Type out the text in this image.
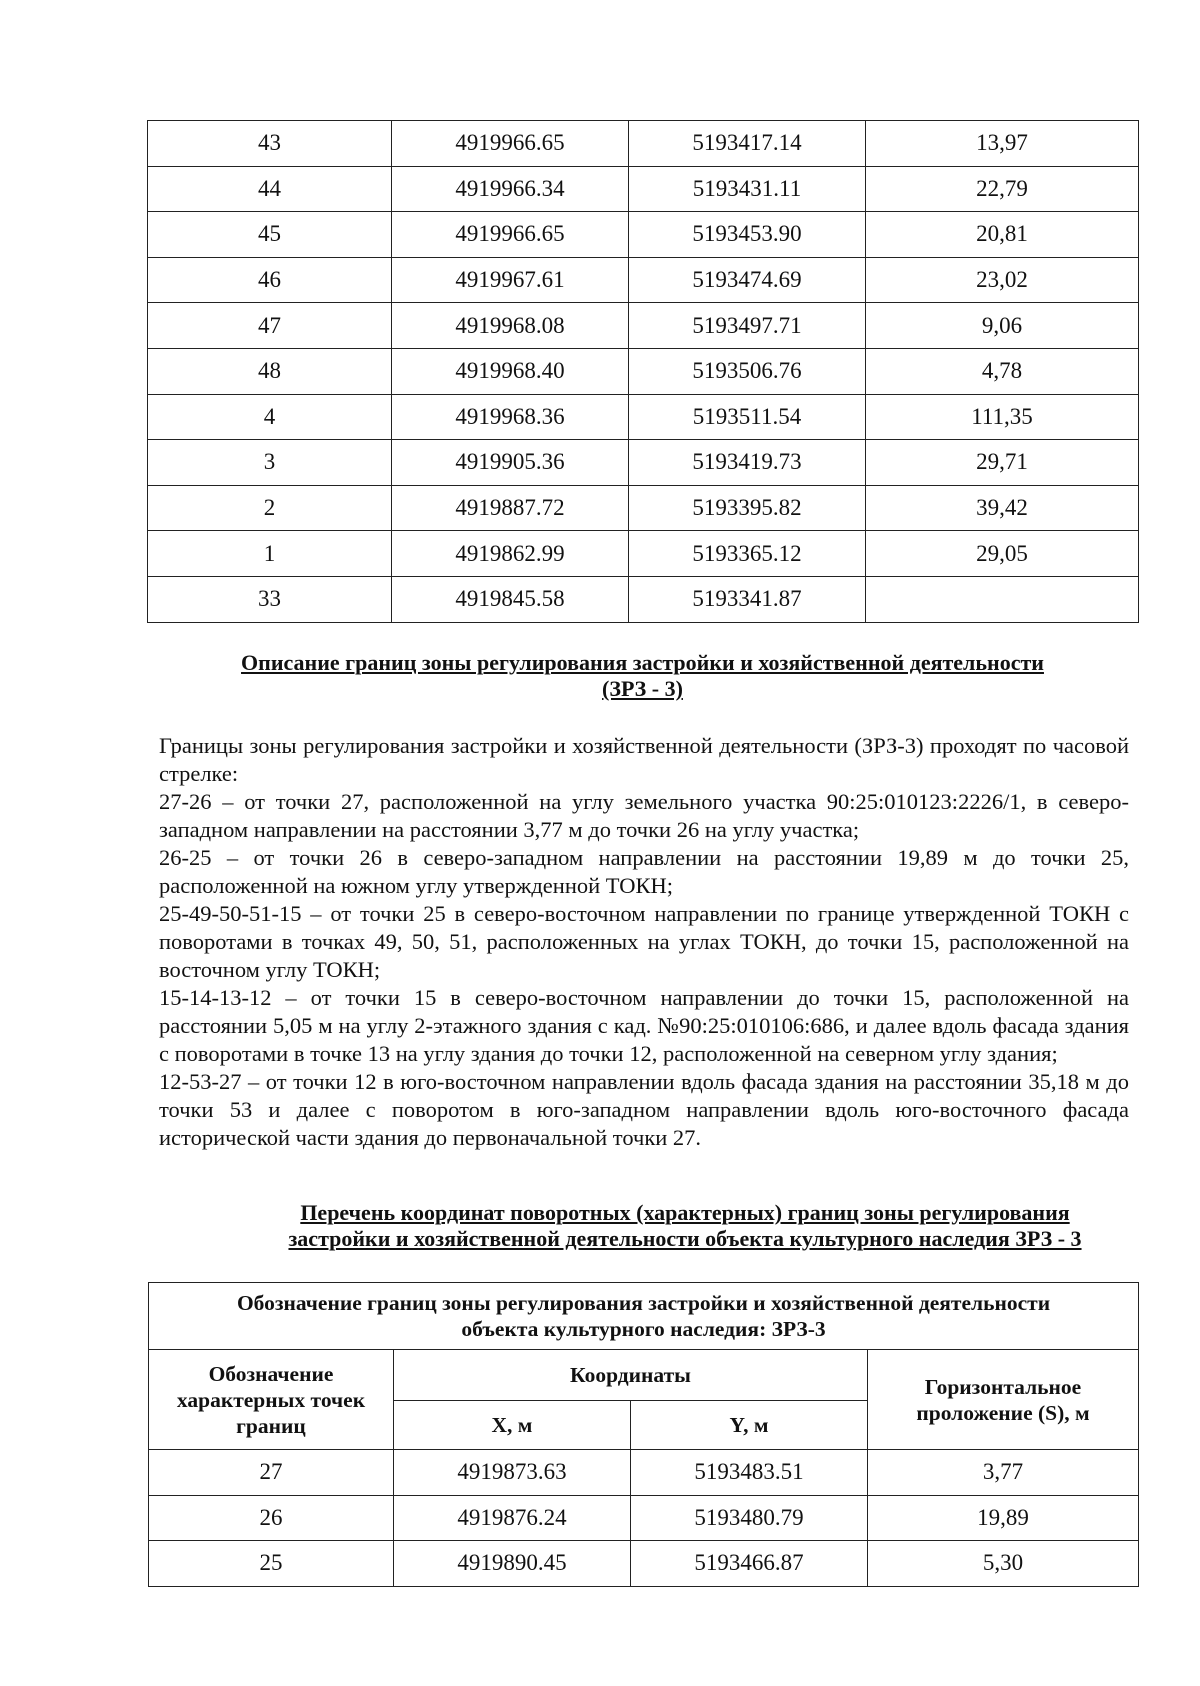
43	4919966.65	5193417.14	13,97
44	4919966.34	5193431.11	22,79
45	4919966.65	5193453.90	20,81
46	4919967.61	5193474.69	23,02
47	4919968.08	5193497.71	9,06
48	4919968.40	5193506.76	4,78
4	4919968.36	5193511.54	111,35
3	4919905.36	5193419.73	29,71
2	4919887.72	5193395.82	39,42
1	4919862.99	5193365.12	29,05
33	4919845.58	5193341.87	
Описание границ зоны регулирования застройки и хозяйственной деятельности
(ЗРЗ - 3)

Границы зоны регулирования застройки и хозяйственной деятельности (ЗРЗ-3) проходят по часовой стрелке:

27-26 – от точки 27, расположенной на углу земельного участка 90:25:010123:2226/1, в северо-западном направлении на расстоянии 3,77 м до точки 26 на углу участка;

26-25 – от точки 26 в северо-западном направлении на расстоянии 19,89 м до точки 25, расположенной на южном углу утвержденной ТОКН;

25-49-50-51-15 – от точки 25 в северо-восточном направлении по границе утвержденной ТОКН с поворотами в точках 49, 50, 51, расположенных на углах ТОКН, до точки 15, расположенной на восточном углу ТОКН;

15-14-13-12 – от точки 15 в северо-восточном направлении до точки 15, расположенной на расстоянии 5,05 м на углу 2-этажного здания с кад. №90:25:010106:686, и далее вдоль фасада здания с поворотами в точке 13 на углу здания до точки 12, расположенной на северном углу здания;

12-53-27 – от точки 12 в юго-восточном направлении вдоль фасада здания на расстоянии 35,18 м до точки 53 и далее с поворотом в юго-западном направлении вдоль юго-восточного фасада исторической части здания до первоначальной точки 27.

Перечень координат поворотных (характерных) границ зоны регулирования
застройки и хозяйственной деятельности объекта культурного наследия ЗРЗ - 3
Обозначение границ зоны регулирования застройки и хозяйственной деятельности
объекта культурного наследия: ЗРЗ-3			

Обозначение характерных точек границ	Координаты		Горизонтальное проложение (S), м
	Х, м	Y, м	
27	4919873.63	5193483.51	3,77
26	4919876.24	5193480.79	19,89
25	4919890.45	5193466.87	5,30
